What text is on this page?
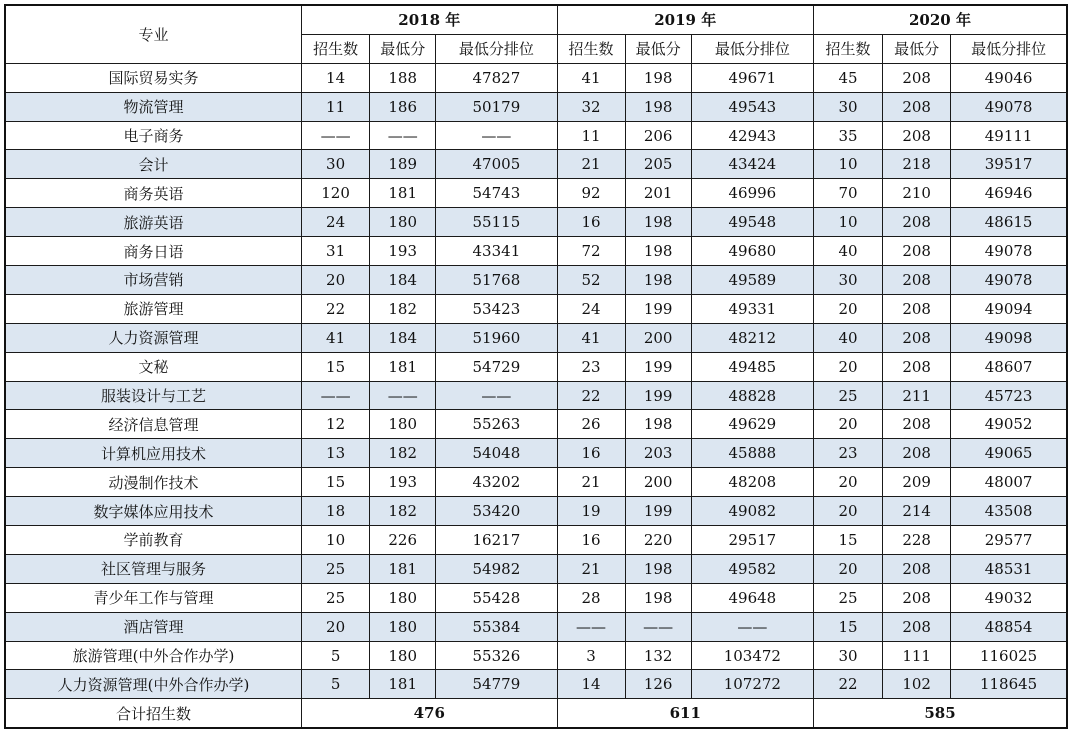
专业	2018 年			2019 年			2020 年		
	招生数	最低分	最低分排位	招生数	最低分	最低分排位	招生数	最低分	最低分排位
国际贸易实务	14	188	47827	41	198	49671	45	208	49046
物流管理	11	186	50179	32	198	49543	30	208	49078
电子商务	——	——	——	11	206	42943	35	208	49111
会计	30	189	47005	21	205	43424	10	218	39517
商务英语	120	181	54743	92	201	46996	70	210	46946
旅游英语	24	180	55115	16	198	49548	10	208	48615
商务日语	31	193	43341	72	198	49680	40	208	49078
市场营销	20	184	51768	52	198	49589	30	208	49078
旅游管理	22	182	53423	24	199	49331	20	208	49094
人力资源管理	41	184	51960	41	200	48212	40	208	49098
文秘	15	181	54729	23	199	49485	20	208	48607
服装设计与工艺	——	——	——	22	199	48828	25	211	45723
经济信息管理	12	180	55263	26	198	49629	20	208	49052
计算机应用技术	13	182	54048	16	203	45888	23	208	49065
动漫制作技术	15	193	43202	21	200	48208	20	209	48007
数字媒体应用技术	18	182	53420	19	199	49082	20	214	43508
学前教育	10	226	16217	16	220	29517	15	228	29577
社区管理与服务	25	181	54982	21	198	49582	20	208	48531
青少年工作与管理	25	180	55428	28	198	49648	25	208	49032
酒店管理	20	180	55384	——	——	——	15	208	48854
旅游管理(中外合作办学)	5	180	55326	3	132	103472	30	111	116025
人力资源管理(中外合作办学)	5	181	54779	14	126	107272	22	102	118645
合计招生数	476			611			585		
